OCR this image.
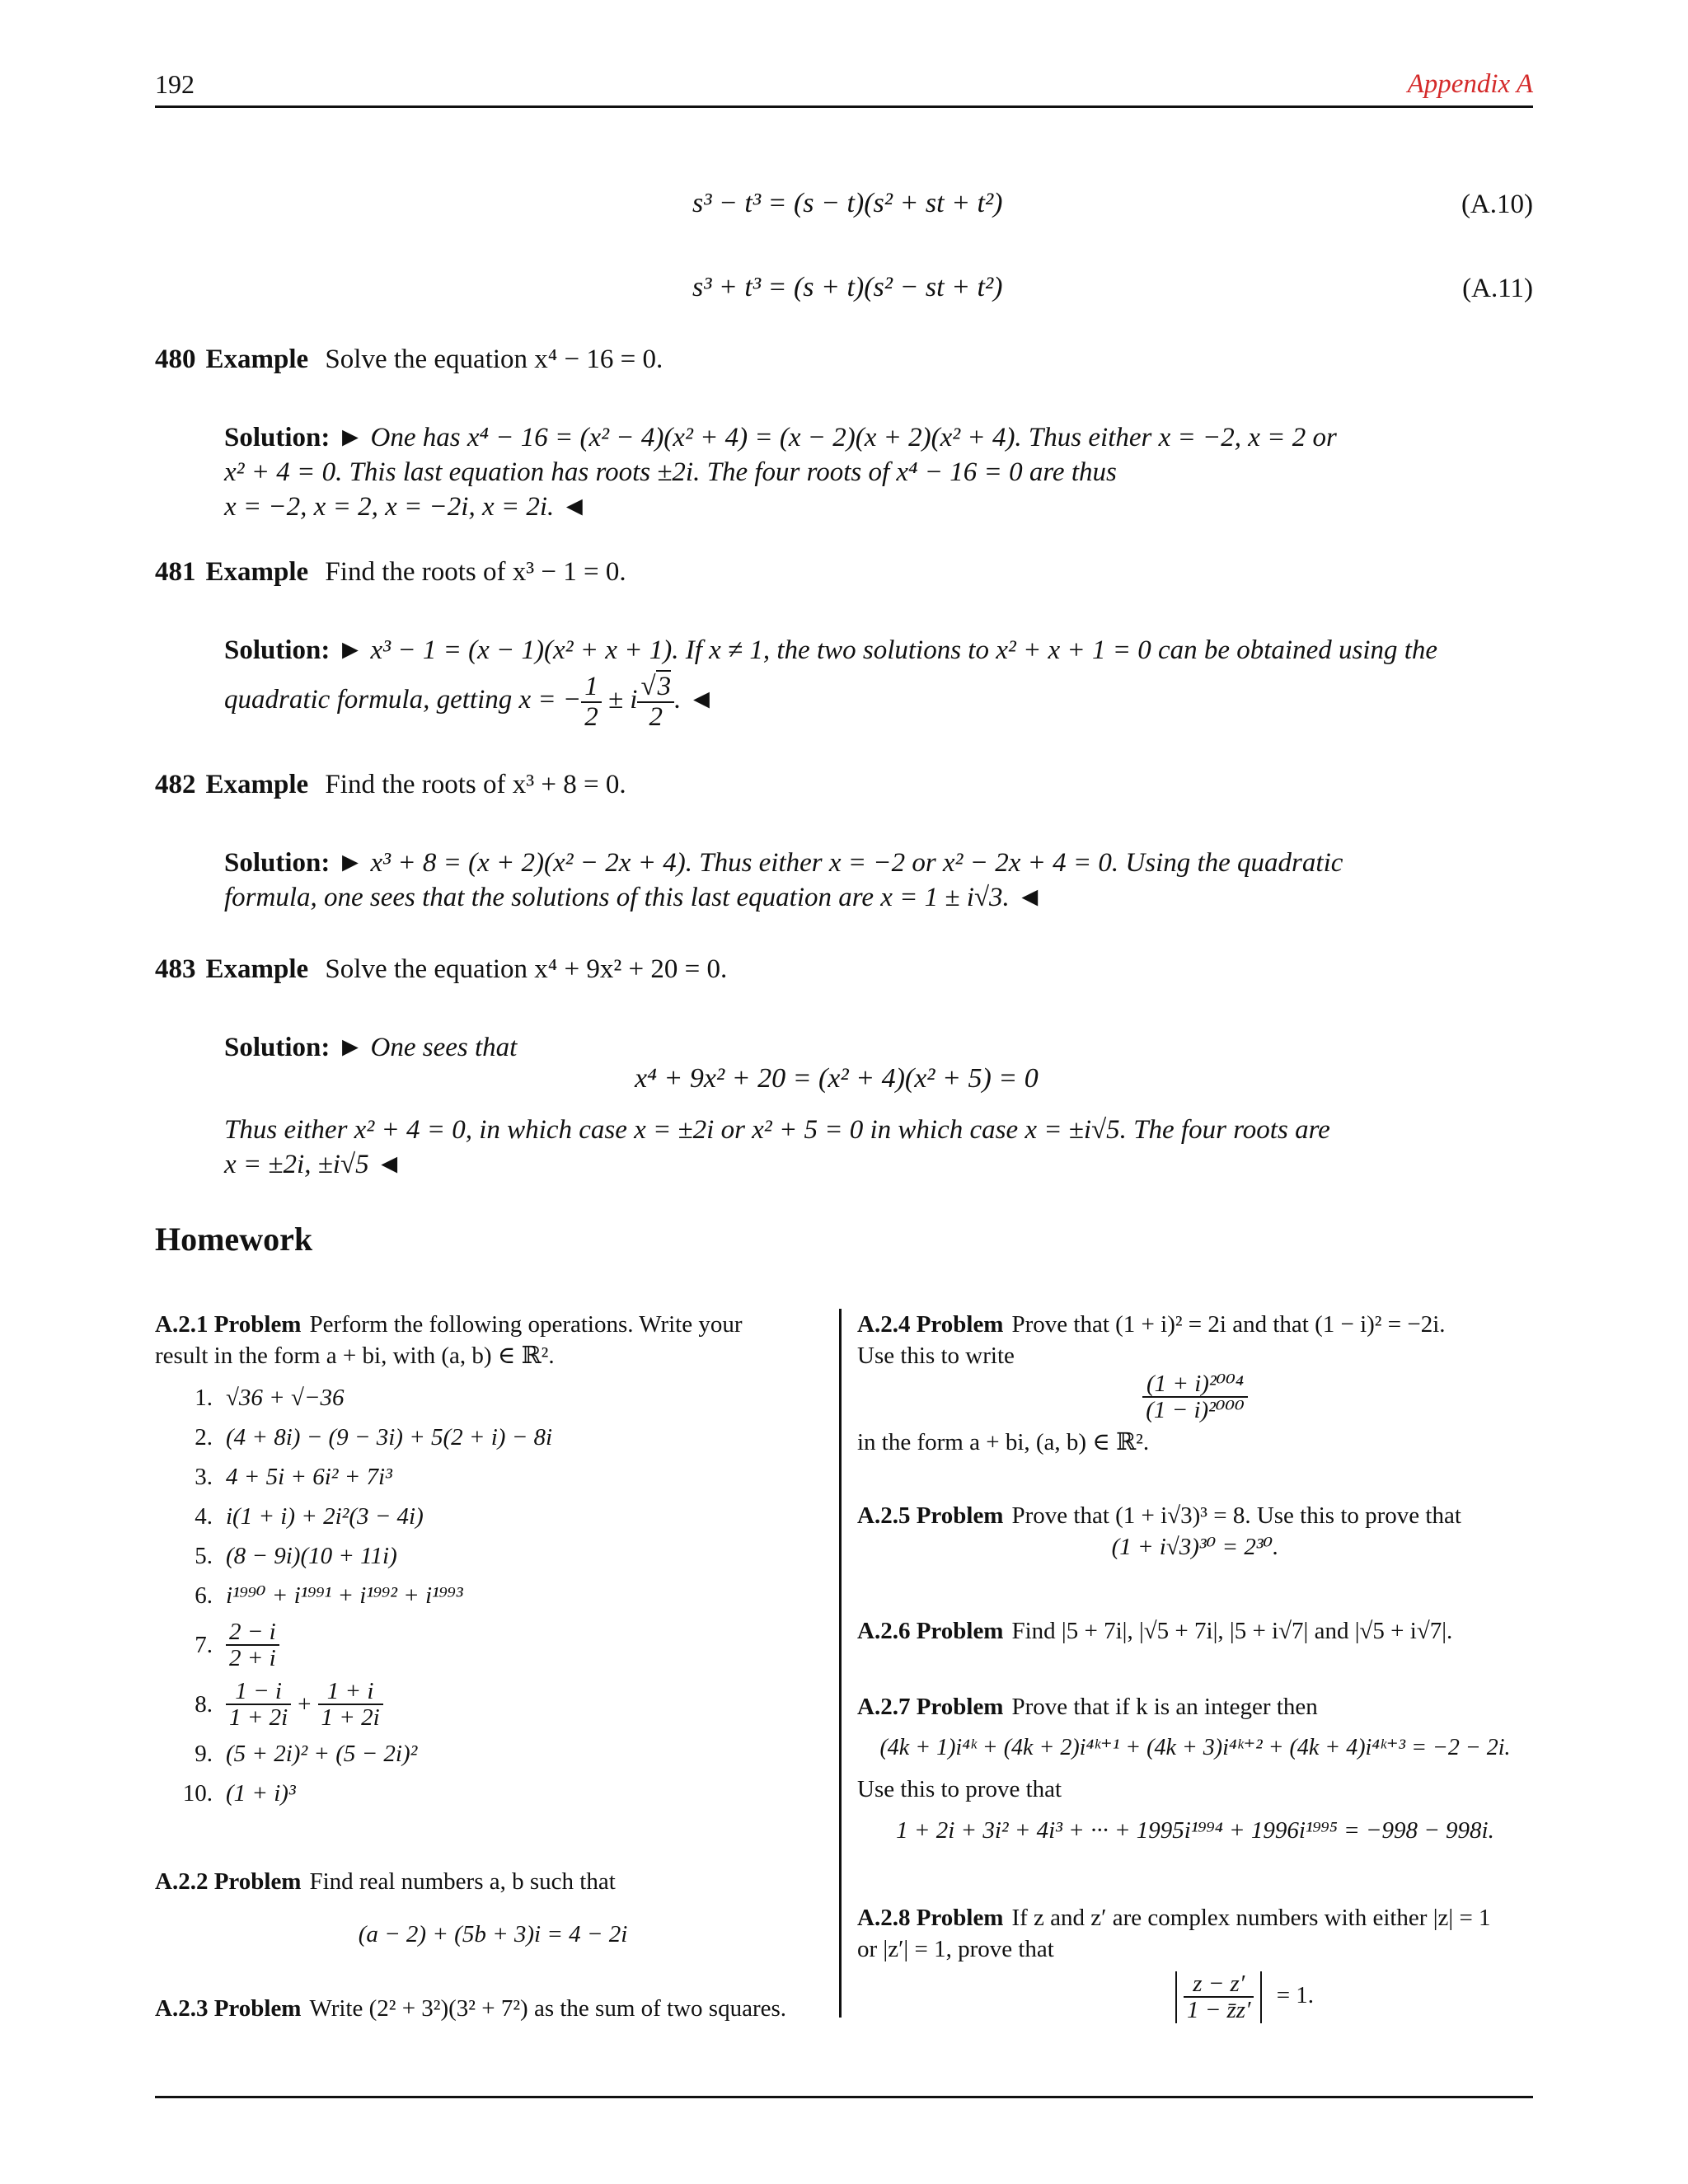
192	Appendix A
s³ − t³ = (s − t)(s² + st + t²)	(A.10)
s³ + t³ = (s + t)(s² − st + t²)	(A.11)
480 Example Solve the equation x⁴ − 16 = 0.
Solution: ► One has x⁴ − 16 = (x² − 4)(x² + 4) = (x − 2)(x + 2)(x² + 4). Thus either x = −2, x = 2 or
x² + 4 = 0. This last equation has roots ±2i. The four roots of x⁴ − 16 = 0 are thus
x = −2, x = 2, x = −2i, x = 2i. ◄
481 Example Find the roots of x³ − 1 = 0.
Solution: ► x³ − 1 = (x − 1)(x² + x + 1). If x ≠ 1, the two solutions to x² + x + 1 = 0 can be obtained using the
quadratic formula, getting x = − $\frac{1}{2} \pm i \frac{√3}{2}$ . ◄
482 Example Find the roots of x³ + 8 = 0.
Solution: ► x³ + 8 = (x + 2)(x² − 2x + 4). Thus either x = −2 or x² − 2x + 4 = 0. Using the quadratic
formula, one sees that the solutions of this last equation are x = 1 ± i√3. ◄
483 Example Solve the equation x⁴ + 9x² + 20 = 0.
Solution: ► One sees that
x⁴ + 9x² + 20 = (x² + 4)(x² + 5) = 0
Thus either x² + 4 = 0, in which case x = ±2i or x² + 5 = 0 in which case x = ±i√5. The four roots are
x = ±2i, ±i√5 ◄
Homework
A.2.1 Problem Perform the following operations. Write your
result in the form a + bi, with (a, b) ∈ ℝ².
1. √36 + √−36
2. (4 + 8i) − (9 − 3i) + 5(2 + i) − 8i
3. 4 + 5i + 6i² + 7i³
4. i(1 + i) + 2i²(3 − 4i)
5. (8 − 9i)(10 + 11i)
6. i¹⁹⁹⁰ + i¹⁹⁹¹ + i¹⁹⁹² + i¹⁹⁹³
7. $\frac{2 - i}{2 + i}$
8. $\frac{1 - i}{1 + 2i} + \frac{1 + i}{1 + 2i}$
9. (5 + 2i)² + (5 − 2i)²
10. (1 + i)³
A.2.2 Problem Find real numbers a, b such that
(a − 2) + (5b + 3)i = 4 − 2i
A.2.3 Problem Write (2² + 3²)(3² + 7²) as the sum of two squares.
A.2.4 Problem Prove that (1 + i)² = 2i and that (1 − i)² = −2i.
Use this to write
$\frac{\text{(1 + i)²⁰⁰⁴}}{\text{(1 − i)²⁰⁰⁰}}$
in the form a + bi, (a, b) ∈ ℝ².
A.2.5 Problem Prove that (1 + i√3)³ = 8. Use this to prove that
(1 + i√3)³⁰ = 2³⁰.
A.2.6 Problem Find |5 + 7i|, |√5 + 7i|, |5 + i√7| and |√5 + i√7|.
A.2.7 Problem Prove that if k is an integer then
(4k + 1)i⁴ᵏ + (4k + 2)i⁴ᵏ⁺¹ + (4k + 3)i⁴ᵏ⁺² + (4k + 4)i⁴ᵏ⁺³ = −2 − 2i.
Use this to prove that
1 + 2i + 3i² + 4i³ + ··· + 1995i¹⁹⁹⁴ + 1996i¹⁹⁹⁵ = −998 − 998i.
A.2.8 Problem If z and z′ are complex numbers with either |z| = 1
or |z′| = 1, prove that
$\frac{z - z'}{1 - z̄z'} = 1$.
